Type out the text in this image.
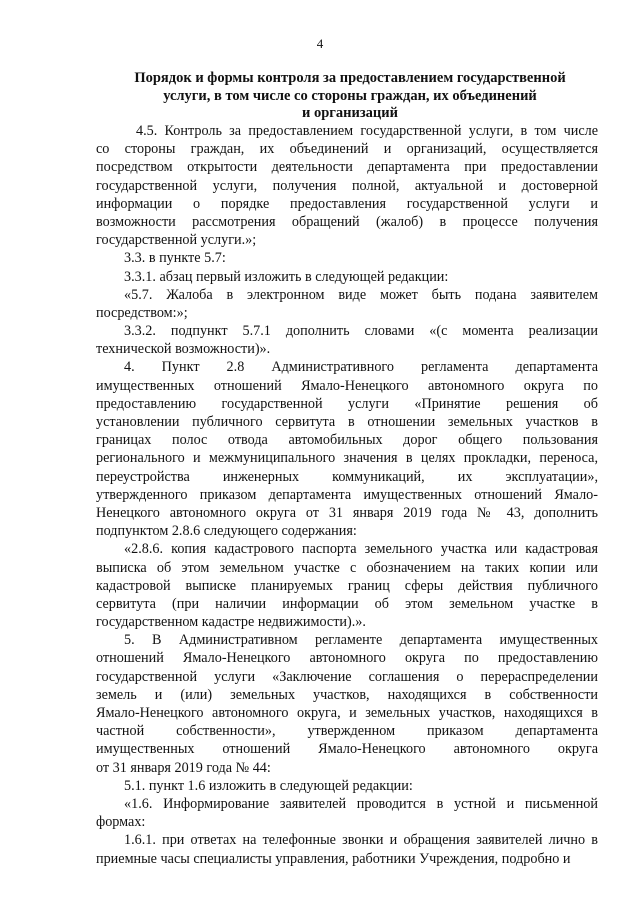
4
Порядок и формы контроля за предоставлением государственной
услуги, в том числе со стороны граждан, их объединений
и организаций
4.5. Контроль за предоставлением государственной услуги, в том числе
со стороны граждан, их объединений и организаций, осуществляется
посредством открытости деятельности департамента при предоставлении
государственной услуги, получения полной, актуальной и достоверной
информации о порядке предоставления государственной услуги и
возможности рассмотрения обращений (жалоб) в процессе получения
государственной услуги.»;
3.3. в пункте 5.7:
3.3.1. абзац первый изложить в следующей редакции:
«5.7. Жалоба в электронном виде может быть подана заявителем
посредством:»;
3.3.2. подпункт 5.7.1 дополнить словами «(с момента реализации
технической возможности)».
4. Пункт 2.8 Административного регламента департамента
имущественных отношений Ямало-Ненецкого автономного округа по
предоставлению государственной услуги «Принятие решения об
установлении публичного сервитута в отношении земельных участков в
границах полос отвода автомобильных дорог общего пользования
регионального и межмуниципального значения в целях прокладки, переноса,
переустройства инженерных коммуникаций, их эксплуатации»,
утвержденного приказом департамента имущественных отношений Ямало-
Ненецкого автономного округа от 31 января 2019 года № 43, дополнить
подпунктом 2.8.6 следующего содержания:
«2.8.6. копия кадастрового паспорта земельного участка или кадастровая
выписка об этом земельном участке с обозначением на таких копии или
кадастровой выписке планируемых границ сферы действия публичного
сервитута (при наличии информации об этом земельном участке в
государственном кадастре недвижимости).».
5. В Административном регламенте департамента имущественных
отношений Ямало-Ненецкого автономного округа по предоставлению
государственной услуги «Заключение соглашения о перераспределении
земель и (или) земельных участков, находящихся в собственности
Ямало-Ненецкого автономного округа, и земельных участков, находящихся в
частной собственности», утвержденном приказом департамента
имущественных отношений Ямало-Ненецкого автономного округа
от 31 января 2019 года № 44:
5.1. пункт 1.6 изложить в следующей редакции:
«1.6. Информирование заявителей проводится в устной и письменной
формах:
1.6.1. при ответах на телефонные звонки и обращения заявителей лично в
приемные часы специалисты управления, работники Учреждения, подробно и
